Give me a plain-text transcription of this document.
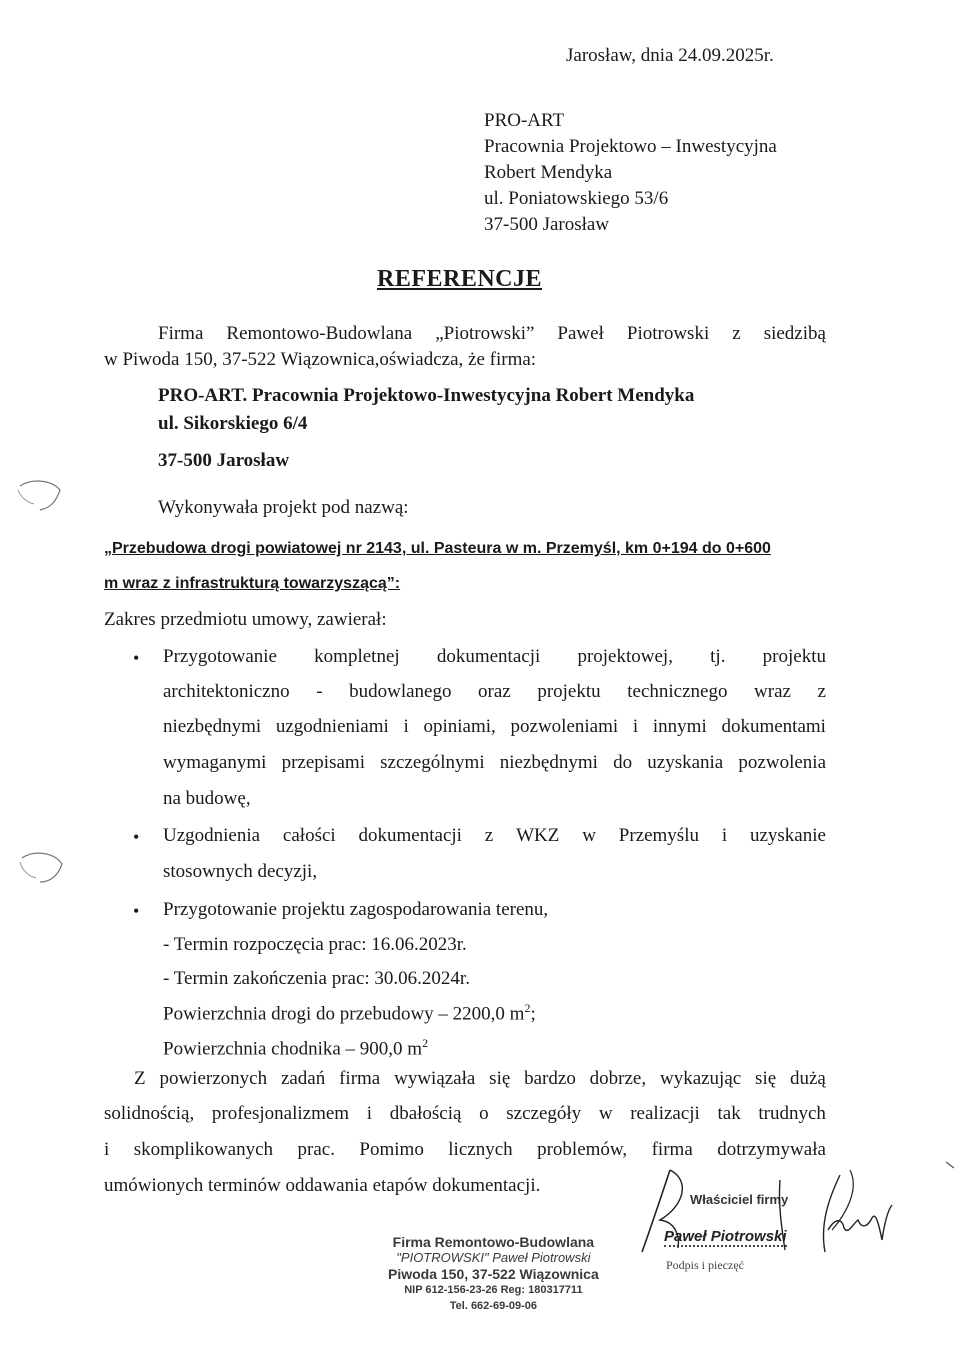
Jarosław, dnia 24.09.2025r.
PRO-ART
Pracownia Projektowo – Inwestycyjna
Robert Mendyka
ul. Poniatowskiego 53/6
37-500 Jarosław
REFERENCJE
Firma Remontowo-Budowlana „Piotrowski” Paweł Piotrowski z siedzibą
w Piwoda 150, 37-522 Wiązownica,oświadcza, że firma:
PRO-ART. Pracownia Projektowo-Inwestycyjna Robert Mendyka
ul. Sikorskiego 6/4
37-500 Jarosław
Wykonywała projekt pod nazwą:
„Przebudowa drogi powiatowej nr 2143, ul. Pasteura w m. Przemyśl, km 0+194 do 0+600
m wraz z infrastrukturą towarzyszącą”:
Zakres przedmiotu umowy, zawierał:
• Przygotowanie kompletnej dokumentacji projektowej, tj. projektu
architektoniczno - budowlanego oraz projektu technicznego wraz z
niezbędnymi uzgodnieniami i opiniami, pozwoleniami i innymi dokumentami
wymaganymi przepisami szczególnymi niezbędnymi do uzyskania pozwolenia
na budowę,
• Uzgodnienia całości dokumentacji z WKZ w Przemyślu i uzyskanie
stosownych decyzji,
• Przygotowanie projektu zagospodarowania terenu,
- Termin rozpoczęcia prac: 16.06.2023r.
- Termin zakończenia prac: 30.06.2024r.
Powierzchnia drogi do przebudowy – 2200,0 $m^2$;
Powierzchnia chodnika – 900,0 $m^2$
Z powierzonych zadań firma wywiązała się bardzo dobrze, wykazując się dużą
solidnością, profesjonalizmem i dbałością o szczegóły w realizacji tak trudnych
i skomplikowanych prac. Pomimo licznych problemów, firma dotrzymywała
umówionych terminów oddawania etapów dokumentacji.
Firma Remontowo-Budowlana
"PIOTROWSKI" Paweł Piotrowski
Piwoda 150, 37-522 Wiązownica
NIP 612-156-23-26 Reg: 180317711
Tel. 662-69-09-06
Właściciel firmy
Paweł Piotrowski
Podpis i pieczęć
